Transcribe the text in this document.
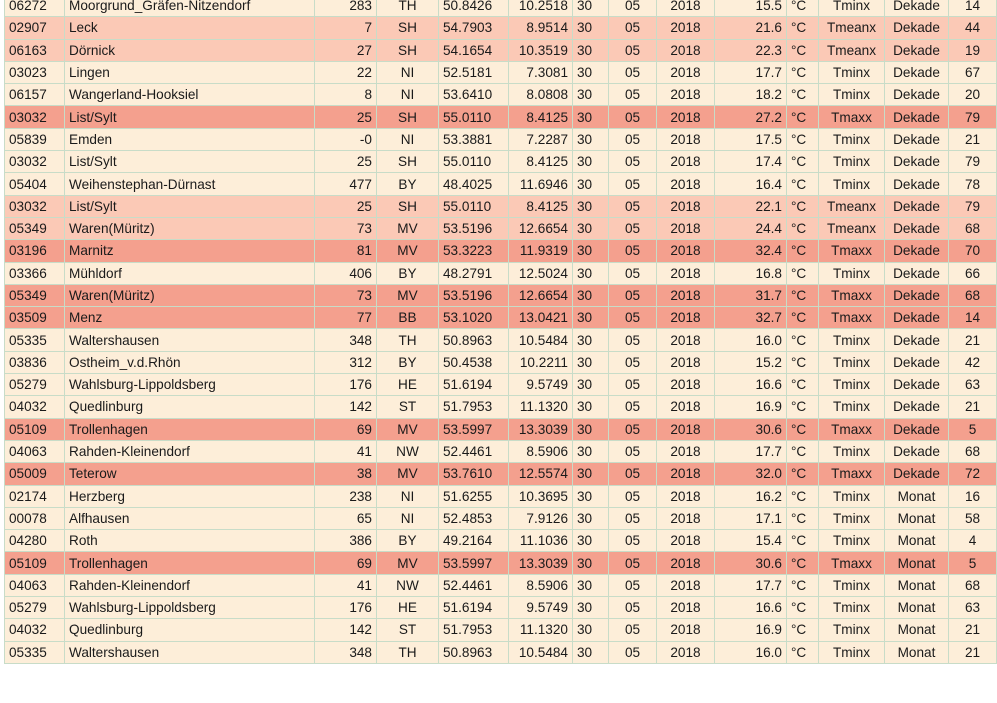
06272	Moorgrund_Gräfen-Nitzendorf	283	TH	50.8426	10.2518	30	05	2018	15.5	°C	Tminx	Dekade	14
02907	Leck	7	SH	54.7903	8.9514	30	05	2018	21.6	°C	Tmeanx	Dekade	44
06163	Dörnick	27	SH	54.1654	10.3519	30	05	2018	22.3	°C	Tmeanx	Dekade	19
03023	Lingen	22	NI	52.5181	7.3081	30	05	2018	17.7	°C	Tminx	Dekade	67
06157	Wangerland-Hooksiel	8	NI	53.6410	8.0808	30	05	2018	18.2	°C	Tminx	Dekade	20
03032	List/Sylt	25	SH	55.0110	8.4125	30	05	2018	27.2	°C	Tmaxx	Dekade	79
05839	Emden	-0	NI	53.3881	7.2287	30	05	2018	17.5	°C	Tminx	Dekade	21
03032	List/Sylt	25	SH	55.0110	8.4125	30	05	2018	17.4	°C	Tminx	Dekade	79
05404	Weihenstephan-Dürnast	477	BY	48.4025	11.6946	30	05	2018	16.4	°C	Tminx	Dekade	78
03032	List/Sylt	25	SH	55.0110	8.4125	30	05	2018	22.1	°C	Tmeanx	Dekade	79
05349	Waren(Müritz)	73	MV	53.5196	12.6654	30	05	2018	24.4	°C	Tmeanx	Dekade	68
03196	Marnitz	81	MV	53.3223	11.9319	30	05	2018	32.4	°C	Tmaxx	Dekade	70
03366	Mühldorf	406	BY	48.2791	12.5024	30	05	2018	16.8	°C	Tminx	Dekade	66
05349	Waren(Müritz)	73	MV	53.5196	12.6654	30	05	2018	31.7	°C	Tmaxx	Dekade	68
03509	Menz	77	BB	53.1020	13.0421	30	05	2018	32.7	°C	Tmaxx	Dekade	14
05335	Waltershausen	348	TH	50.8963	10.5484	30	05	2018	16.0	°C	Tminx	Dekade	21
03836	Ostheim_v.d.Rhön	312	BY	50.4538	10.2211	30	05	2018	15.2	°C	Tminx	Dekade	42
05279	Wahlsburg-Lippoldsberg	176	HE	51.6194	9.5749	30	05	2018	16.6	°C	Tminx	Dekade	63
04032	Quedlinburg	142	ST	51.7953	11.1320	30	05	2018	16.9	°C	Tminx	Dekade	21
05109	Trollenhagen	69	MV	53.5997	13.3039	30	05	2018	30.6	°C	Tmaxx	Dekade	5
04063	Rahden-Kleinendorf	41	NW	52.4461	8.5906	30	05	2018	17.7	°C	Tminx	Dekade	68
05009	Teterow	38	MV	53.7610	12.5574	30	05	2018	32.0	°C	Tmaxx	Dekade	72
02174	Herzberg	238	NI	51.6255	10.3695	30	05	2018	16.2	°C	Tminx	Monat	16
00078	Alfhausen	65	NI	52.4853	7.9126	30	05	2018	17.1	°C	Tminx	Monat	58
04280	Roth	386	BY	49.2164	11.1036	30	05	2018	15.4	°C	Tminx	Monat	4
05109	Trollenhagen	69	MV	53.5997	13.3039	30	05	2018	30.6	°C	Tmaxx	Monat	5
04063	Rahden-Kleinendorf	41	NW	52.4461	8.5906	30	05	2018	17.7	°C	Tminx	Monat	68
05279	Wahlsburg-Lippoldsberg	176	HE	51.6194	9.5749	30	05	2018	16.6	°C	Tminx	Monat	63
04032	Quedlinburg	142	ST	51.7953	11.1320	30	05	2018	16.9	°C	Tminx	Monat	21
05335	Waltershausen	348	TH	50.8963	10.5484	30	05	2018	16.0	°C	Tminx	Monat	21
